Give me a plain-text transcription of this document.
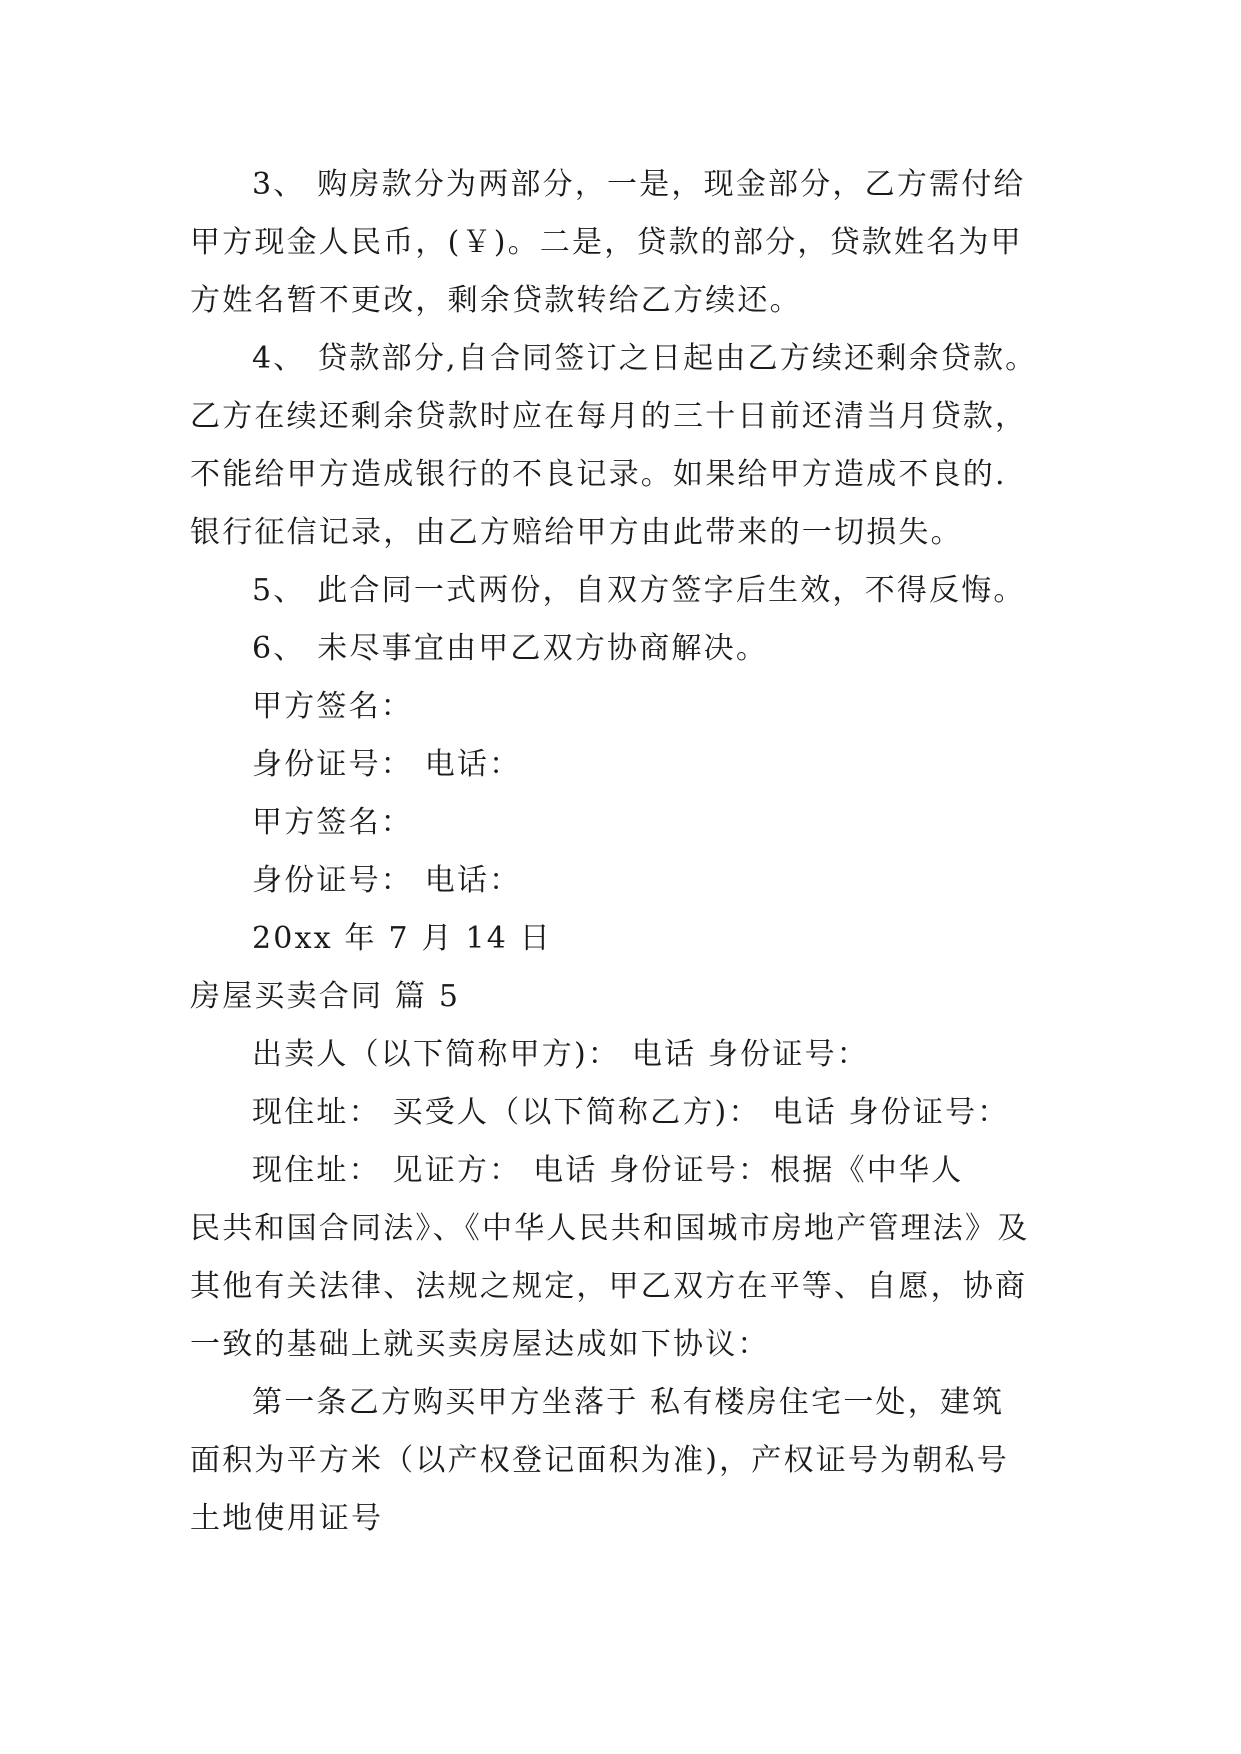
3、 购房款分为两部分，一是，现金部分，乙方需付给
甲方现金人民币，(￥)。二是，贷款的部分，贷款姓名为甲
方姓名暂不更改，剩余贷款转给乙方续还。
4、 贷款部分,自合同签订之日起由乙方续还剩余贷款。
乙方在续还剩余贷款时应在每月的三十日前还清当月贷款，
不能给甲方造成银行的不良记录。如果给甲方造成不良的.
银行征信记录，由乙方赔给甲方由此带来的一切损失。
5、 此合同一式两份，自双方签字后生效，不得反悔。
6、 未尽事宜由甲乙双方协商解决。
甲方签名：
身份证号： 电话：
甲方签名：
身份证号： 电话：
20xx 年 7 月 14 日
房屋买卖合同 篇 5
出卖人（以下简称甲方)： 电话 身份证号：
现住址： 买受人（以下简称乙方)： 电话 身份证号：
现住址： 见证方： 电话 身份证号：根据《中华人
民共和国合同法》、《中华人民共和国城市房地产管理法》及
其他有关法律、法规之规定，甲乙双方在平等、自愿，协商
一致的基础上就买卖房屋达成如下协议：
第一条乙方购买甲方坐落于 私有楼房住宅一处，建筑
面积为平方米（以产权登记面积为准)，产权证号为朝私号
土地使用证号
